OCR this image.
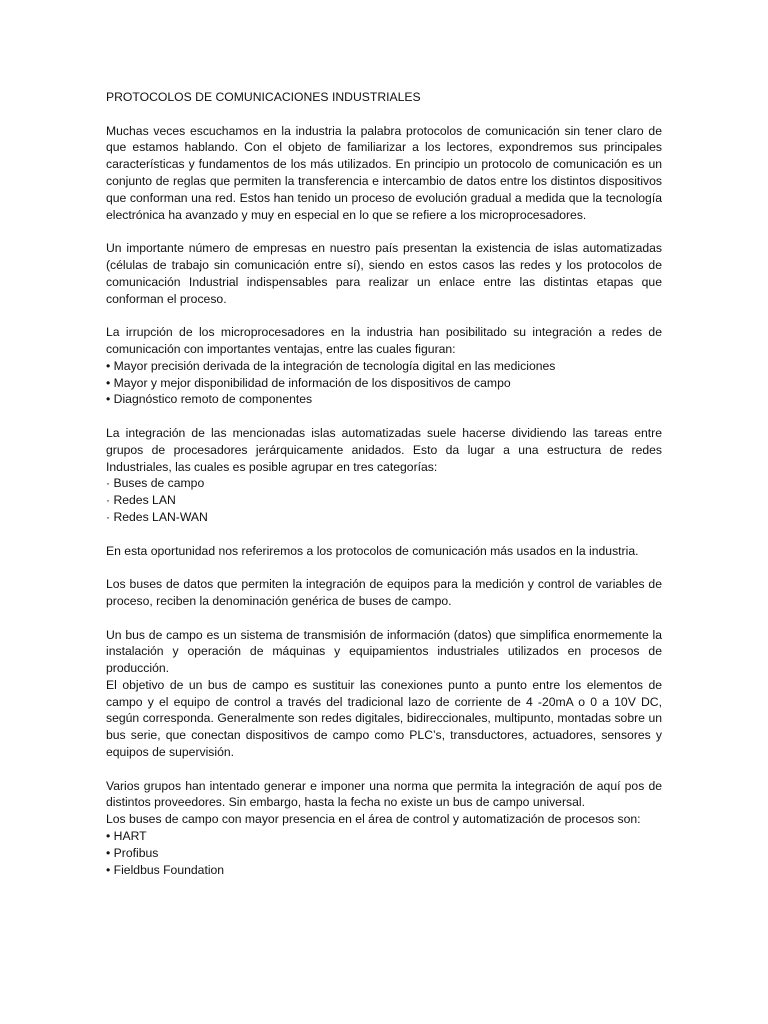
PROTOCOLOS DE COMUNICACIONES INDUSTRIALES

Muchas veces escuchamos en la industria la palabra protocolos de comunicación sin tener claro de que estamos hablando. Con el objeto de familiarizar a los lectores, expondremos sus principales características y fundamentos de los más utilizados. En principio un protocolo de comunicación es un conjunto de reglas que permiten la transferencia e intercambio de datos entre los distintos dispositivos que conforman una red. Estos han tenido un proceso de evolución gradual a medida que la tecnología electrónica ha avanzado y muy en especial en lo que se refiere a los microprocesadores.

Un importante número de empresas en nuestro país presentan la existencia de islas automatizadas (células de trabajo sin comunicación entre sí), siendo en estos casos las redes y los protocolos de comunicación Industrial indispensables para realizar un enlace entre las distintas etapas que conforman el proceso.

La irrupción de los microprocesadores en la industria han posibilitado su integración a redes de comunicación con importantes ventajas, entre las cuales figuran:

• Mayor precisión derivada de la integración de tecnología digital en las mediciones
• Mayor y mejor disponibilidad de información de los dispositivos de campo
• Diagnóstico remoto de componentes

La integración de las mencionadas islas automatizadas suele hacerse dividiendo las tareas entre grupos de procesadores jerárquicamente anidados. Esto da lugar a una estructura de redes Industriales, las cuales es posible agrupar en tres categorías:

· Buses de campo
· Redes LAN
· Redes LAN-WAN

En esta oportunidad nos referiremos a los protocolos de comunicación más usados en la industria.

Los buses de datos que permiten la integración de equipos para la medición y control de variables de proceso, reciben la denominación genérica de buses de campo.

Un bus de campo es un sistema de transmisión de información (datos) que simplifica enormemente la instalación y operación de máquinas y equipamientos industriales utilizados en procesos de producción.

El objetivo de un bus de campo es sustituir las conexiones punto a punto entre los elementos de campo y el equipo de control a través del tradicional lazo de corriente de 4 -20mA o 0 a 10V DC, según corresponda. Generalmente son redes digitales, bidireccionales, multipunto, montadas sobre un bus serie, que conectan dispositivos de campo como PLC’s, transductores, actuadores, sensores y equipos de supervisión.

Varios grupos han intentado generar e imponer una norma que permita la integración de aquí pos de distintos proveedores. Sin embargo, hasta la fecha no existe un bus de campo universal.

Los buses de campo con mayor presencia en el área de control y automatización de procesos son:

• HART
• Profibus
• Fieldbus Foundation
